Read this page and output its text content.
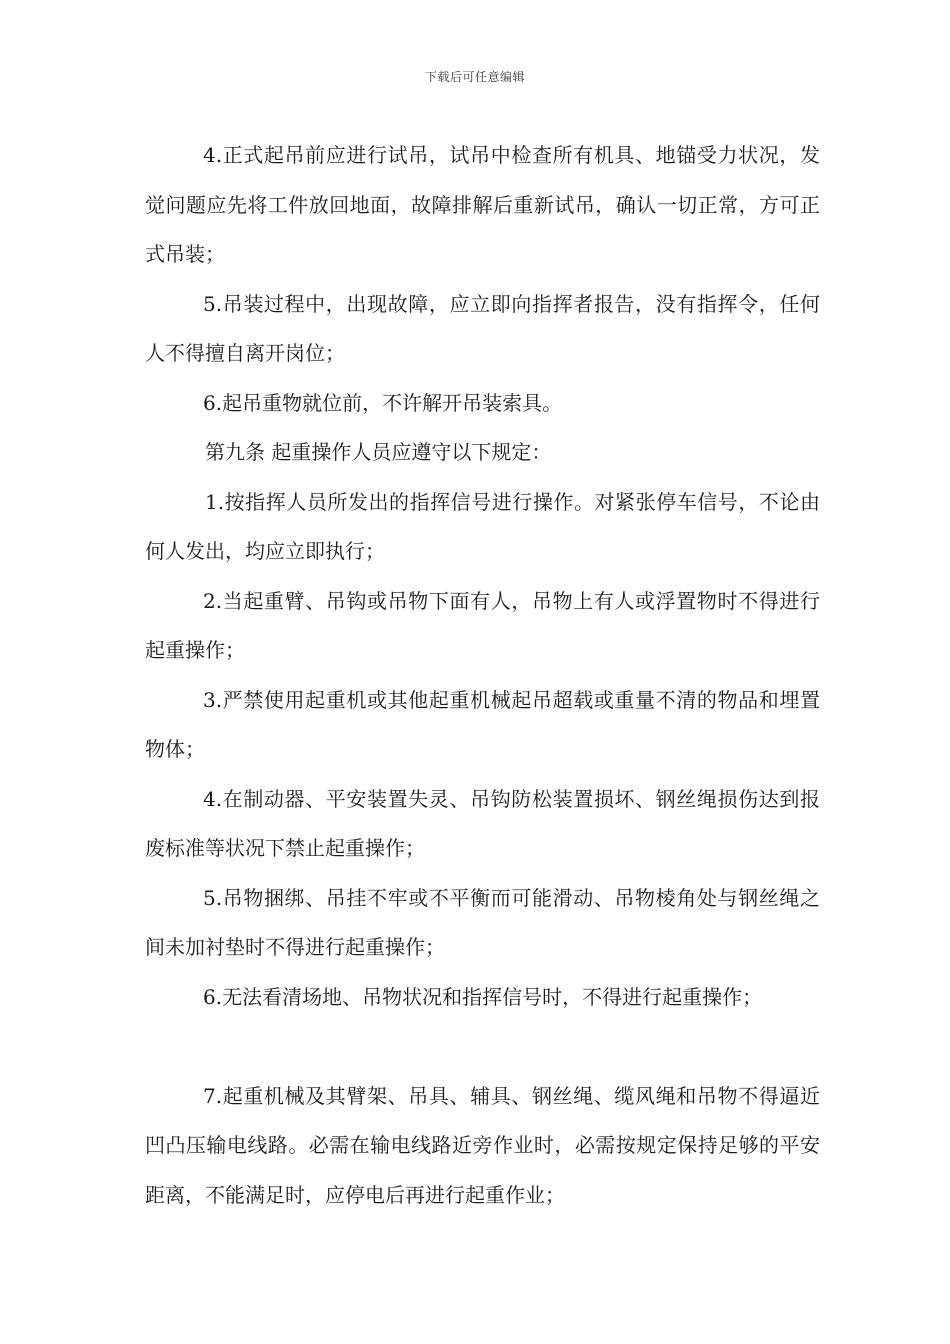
下载后可任意编辑

4.正式起吊前应进行试吊，试吊中检查所有机具、地锚受力状况，发觉问题应先将工件放回地面，故障排解后重新试吊，确认一切正常，方可正式吊装；

5.吊装过程中，出现故障，应立即向指挥者报告，没有指挥令，任何人不得擅自离开岗位；

6.起吊重物就位前，不许解开吊装索具。

第九条 起重操作人员应遵守以下规定：

1.按指挥人员所发出的指挥信号进行操作。对紧张停车信号，不论由何人发出，均应立即执行；

2.当起重臂、吊钩或吊物下面有人，吊物上有人或浮置物时不得进行起重操作；

3.严禁使用起重机或其他起重机械起吊超载或重量不清的物品和埋置物体；

4.在制动器、平安装置失灵、吊钩防松装置损坏、钢丝绳损伤达到报废标准等状况下禁止起重操作；

5.吊物捆绑、吊挂不牢或不平衡而可能滑动、吊物棱角处与钢丝绳之间未加衬垫时不得进行起重操作；

6.无法看清场地、吊物状况和指挥信号时，不得进行起重操作；

7.起重机械及其臂架、吊具、辅具、钢丝绳、缆风绳和吊物不得逼近凹凸压输电线路。必需在输电线路近旁作业时，必需按规定保持足够的平安距离，不能满足时，应停电后再进行起重作业；
